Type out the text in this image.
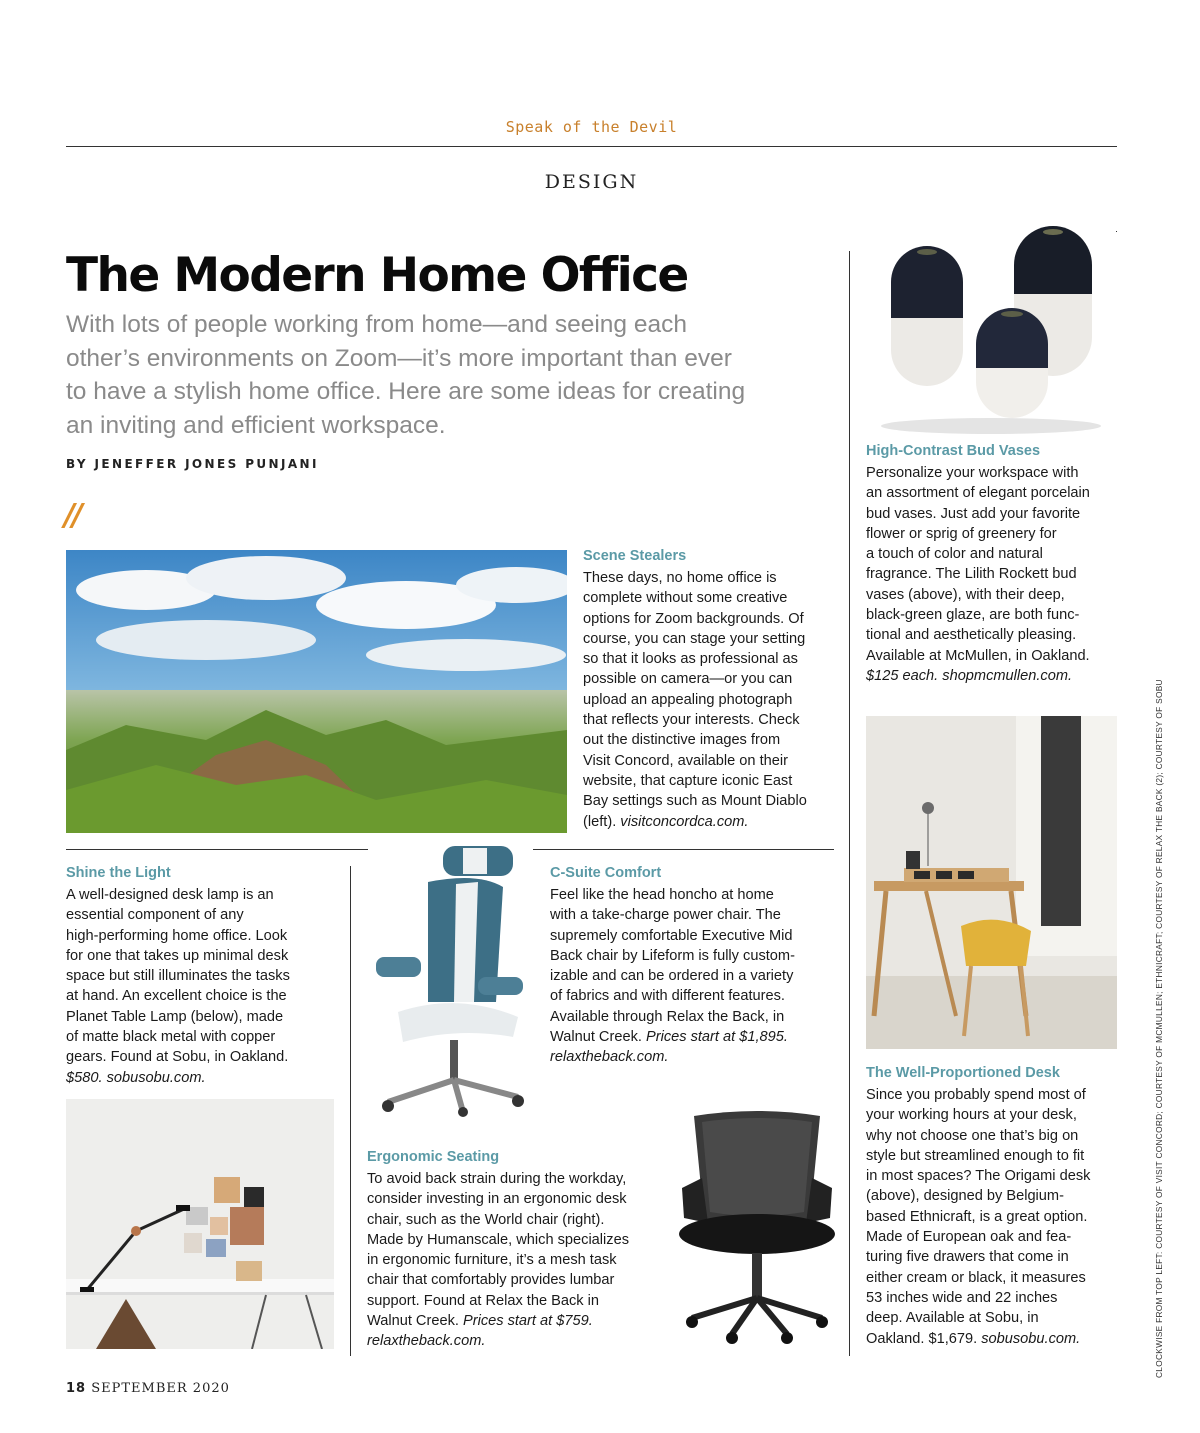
Speak of the Devil
DESIGN
The Modern Home Office
With lots of people working from home—and seeing each other’s environments on Zoom—it’s more important than ever to have a stylish home office. Here are some ideas for creating an inviting and efficient workspace.
BY JENEFFER JONES PUNJANI
//
Scene Stealers

These days, no home office is

complete without some creative

options for Zoom backgrounds. Of

course, you can stage your setting

so that it looks as professional as

possible on camera—or you can

upload an appealing photograph

that reflects your interests. Check

out the distinctive images from

Visit Concord, available on their

website, that capture iconic East

Bay settings such as Mount Diablo

(left). visitconcordca.com.

High-Contrast Bud Vases

Personalize your workspace with

an assortment of elegant porcelain

bud vases. Just add your favorite

flower or sprig of greenery for

a touch of color and natural

fragrance. The Lilith Rockett bud

vases (above), with their deep,

black-green glaze, are both func-

tional and aesthetically pleasing.

Available at McMullen, in Oakland.

$125 each. shopmcmullen.com.

The Well-Proportioned Desk

Since you probably spend most of

your working hours at your desk,

why not choose one that’s big on

style but streamlined enough to fit

in most spaces? The Origami desk

(above), designed by Belgium-

based Ethnicraft, is a great option.

Made of European oak and fea-

turing five drawers that come in

either cream or black, it measures

53 inches wide and 22 inches

deep. Available at Sobu, in

Oakland. $1,679. sobusobu.com.

Shine the Light

A well-designed desk lamp is an

essential component of any

high-performing home office. Look

for one that takes up minimal desk

space but still illuminates the tasks

at hand. An excellent choice is the

Planet Table Lamp (below), made

of matte black metal with copper

gears. Found at Sobu, in Oakland.

$580. sobusobu.com.

C-Suite Comfort

Feel like the head honcho at home

with a take-charge power chair. The

supremely comfortable Executive Mid

Back chair by Lifeform is fully custom-

izable and can be ordered in a variety

of fabrics and with different features.

Available through Relax the Back, in

Walnut Creek. Prices start at $1,895.

relaxtheback.com.

Ergonomic Seating

To avoid back strain during the workday,

consider investing in an ergonomic desk

chair, such as the World chair (right).

Made by Humanscale, which specializes

in ergonomic furniture, it’s a mesh task

chair that comfortably provides lumbar

support. Found at Relax the Back in

Walnut Creek. Prices start at $759.

relaxtheback.com.

18 SEPTEMBER 2020
CLOCKWISE FROM TOP LEFT: COURTESY OF VISIT CONCORD; COURTESY OF MCMULLEN; ETHNICRAFT; COURTESY OF RELAX THE BACK (2); COURTESY OF SOBU
